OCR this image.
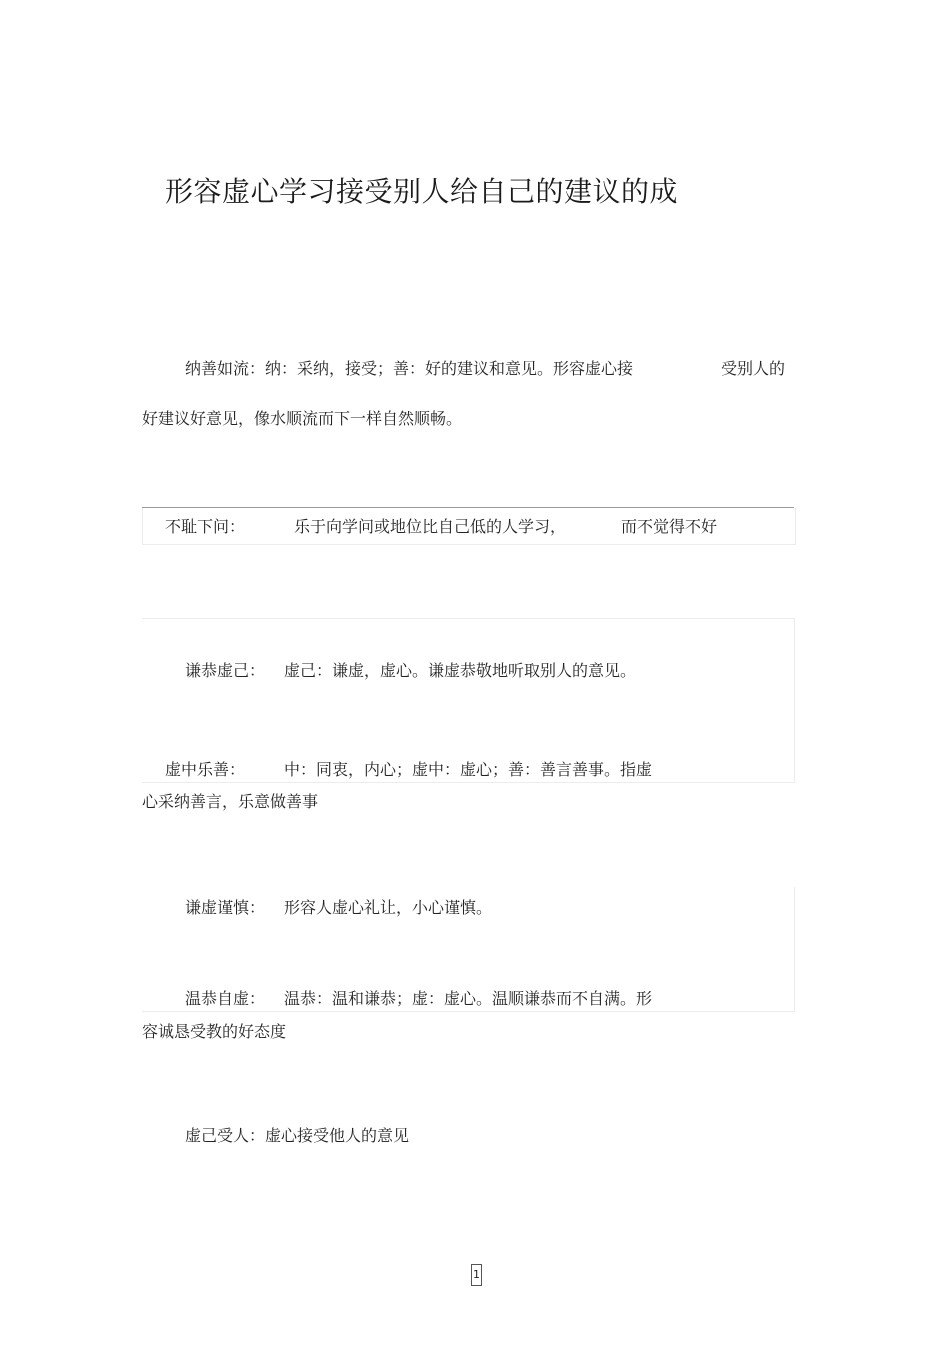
形容虚心学习接受别人给自己的建议的成
纳善如流：纳：采纳，接受；善：好的建议和意见。形容虚心接	受别人的
好建议好意见，像水顺流而下一样自然顺畅。
不耻下问：	乐于向学问或地位比自己低的人学习，	而不觉得不好
谦恭虚己： 虚己：谦虚，虚心。谦虚恭敬地听取别人的意见。
虚中乐善： 中：同衷，内心；虚中：虚心；善：善言善事。指虚
心采纳善言，乐意做善事
谦虚谨慎： 形容人虚心礼让，小心谨慎。
温恭自虚： 温恭：温和谦恭；虚：虚心。温顺谦恭而不自满。形
容诚恳受教的好态度
虚己受人：虚心接受他人的意见
1
